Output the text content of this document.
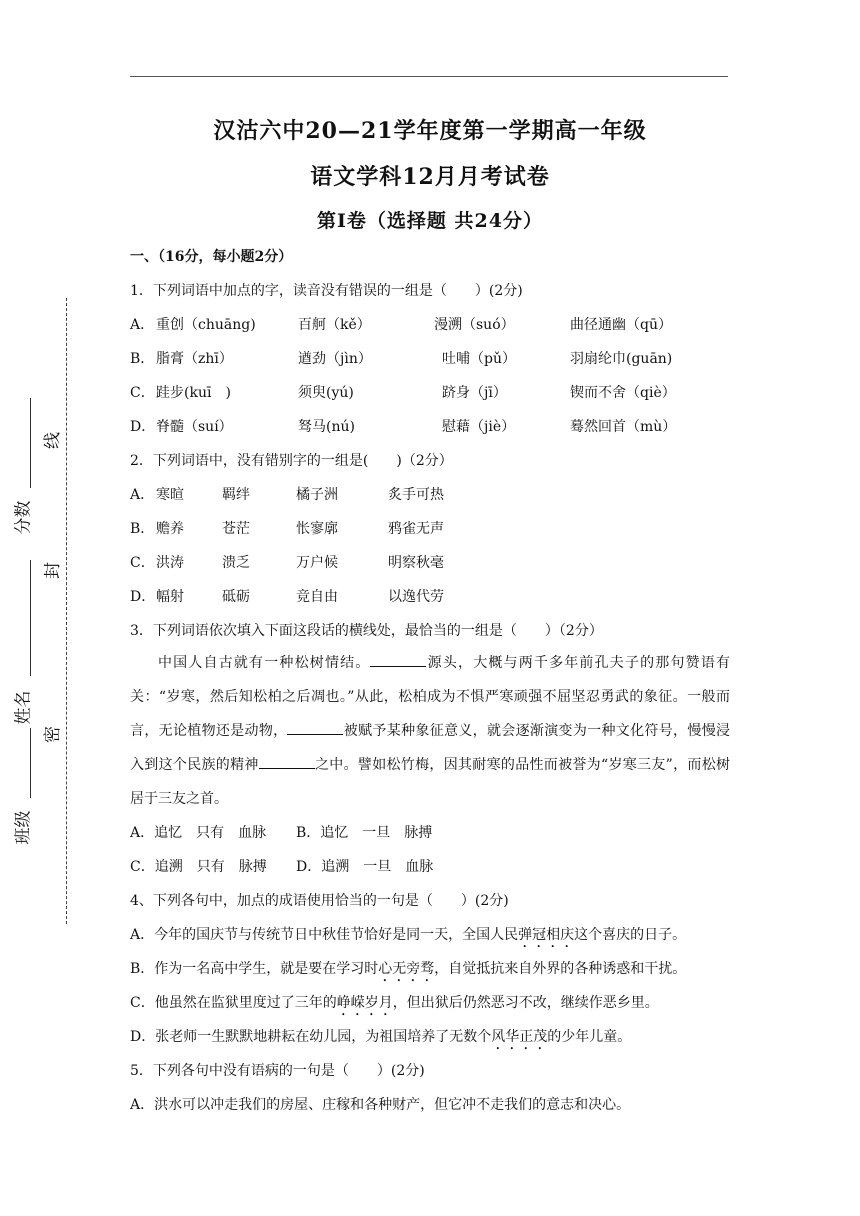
汉沽六中20—21学年度第一学期高一年级
语文学科12月月考试卷
第Ⅰ卷（选择题 共24分）
线
封
密
分数
姓名
班级
一、（16分，每小题2分）
1．下列词语中加点的字，读音没有错误的一组是（　　）(2分)
A． 重创（chuāng)	百舸（kě）	漫溯（suó）	曲径通幽（qū）
B． 脂膏（zhī）	遒劲（jìn）	吐哺（pǔ）	羽扇纶巾(guān)
C． 跬步(kuī　)	须臾(yú)	跻身（jī）	锲而不舍（qiè）
D． 脊髓（suí）	驽马(nú)	慰藉（jiè）	蓦然回首（mù）
2．下列词语中，没有错别字的一组是(　　)（2分）
A． 寒暄	羁绊	橘子洲	炙手可热
B． 赡养	苍茫	怅寥廓	鸦雀无声
C． 洪涛	溃乏	万户候	明察秋毫
D． 幅射	砥砺	竞自由	以逸代劳
3．下列词语依次填入下面这段话的横线处，最恰当的一组是（　　）（2分）
中国人自古就有一种松树情结。	源头，大概与两千多年前孔夫子的那句赞语有关：“岁寒，然后知松柏之后凋也。”从此，松柏成为不惧严寒顽强不屈坚忍勇武的象征。一般而言，无论植物还是动物，	被赋予某种象征意义，就会逐渐演变为一种文化符号，慢慢浸入到这个民族的精神	之中。譬如松竹梅，因其耐寒的品性而被誉为“岁寒三友”，而松树居于三友之首。
A．追忆　只有　血脉 B．追忆　一旦　脉搏
C．追溯　只有　脉搏 D．追溯　一旦　血脉
4、下列各句中，加点的成语使用恰当的一句是（　　）(2分)
A．今年的国庆节与传统节日中秋佳节恰好是同一天，全国人民弹冠相庆这个喜庆的日子。
B．作为一名高中学生，就是要在学习时心无旁骛，自觉抵抗来自外界的各种诱惑和干扰。
C．他虽然在监狱里度过了三年的峥嵘岁月，但出狱后仍然恶习不改，继续作恶乡里。
D．张老师一生默默地耕耘在幼儿园，为祖国培养了无数个风华正茂的少年儿童。
5．下列各句中没有语病的一句是（　　）(2分)
A．洪水可以冲走我们的房屋、庄稼和各种财产，但它冲不走我们的意志和决心。
